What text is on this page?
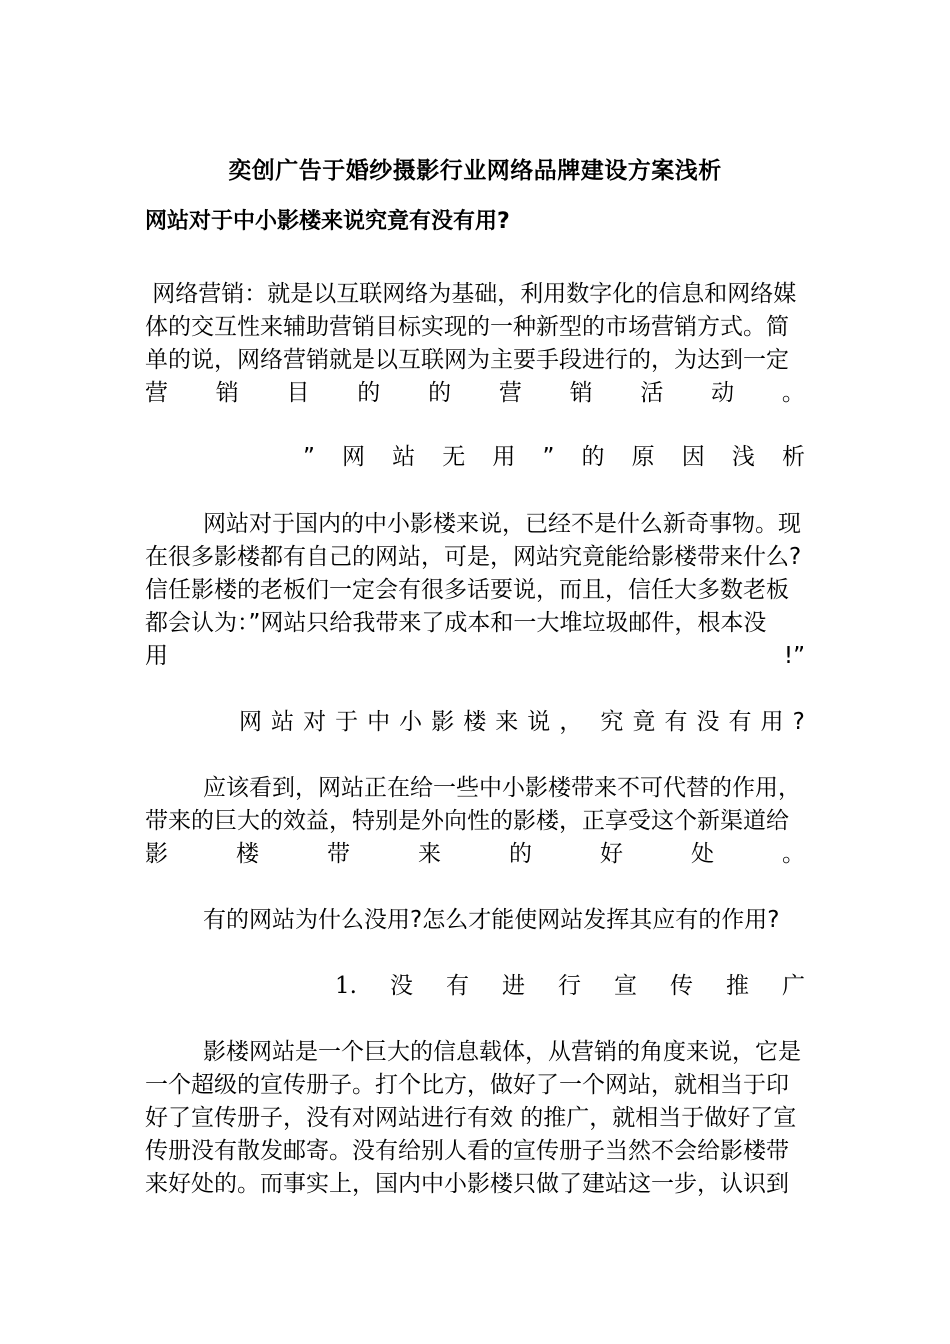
奕创广告于婚纱摄影行业网络品牌建设方案浅析
网站对于中小影楼来说究竟有没有用?
网络营销：就是以互联网络为基础，利用数字化的信息和网络媒
体的交互性来辅助营销目标实现的一种新型的市场营销方式。简
单的说，网络营销就是以互联网为主要手段进行的，为达到一定
营 销 目 的 的 营 销 活 动 。
” 网 站 无 用 ” 的 原 因 浅 析
网站对于国内的中小影楼来说，已经不是什么新奇事物。现
在很多影楼都有自己的网站，可是，网站究竟能给影楼带来什么?
信任影楼的老板们一定会有很多话要说，而且，信任大多数老板
都会认为：”网站只给我带来了成本和一大堆垃圾邮件，根本没
用	!”
网 站 对 于 中 小 影 楼 来 说 ， 究 竟 有 没 有 用 ?
应该看到，网站正在给一些中小影楼带来不可代替的作用，
带来的巨大的效益，特别是外向性的影楼，正享受这个新渠道给
影	楼	带	来	的	好	处	。
有的网站为什么没用?怎么才能使网站发挥其应有的作用?
1. 没 有 进 行 宣 传 推 广
影楼网站是一个巨大的信息载体，从营销的角度来说，它是
一个超级的宣传册子。打个比方，做好了一个网站，就相当于印
好了宣传册子，没有对网站进行有效 的推广，就相当于做好了宣
传册没有散发邮寄。没有给别人看的宣传册子当然不会给影楼带
来好处的。而事实上，国内中小影楼只做了建站这一步，认识到
